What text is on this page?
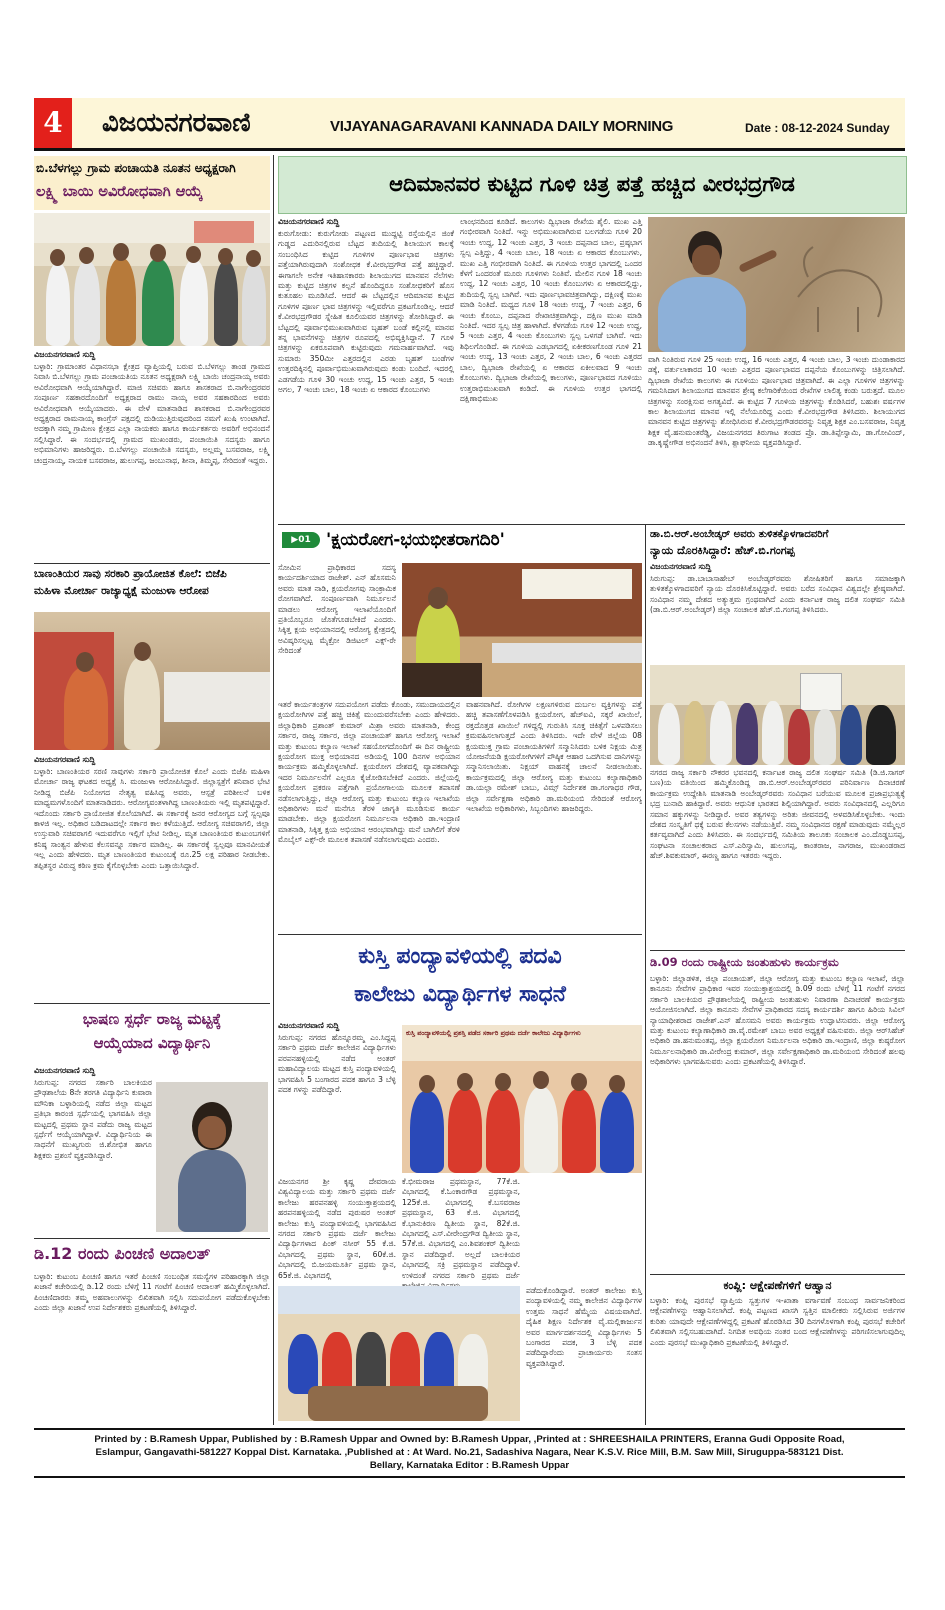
4	ವಿಜಯನಗರವಾಣಿ	VIJAYANAGARAVANI KANNADA DAILY MORNING	Date : 08-12-2024 Sunday
ಬಿ.ಬೆಳಗಲ್ಲು ಗ್ರಾಮ ಪಂಚಾಯತಿ ನೂತನ ಅಧ್ಯಕ್ಷರಾಗಿ
ಲಕ್ಷ್ಮಿ ಬಾಯಿ ಅವಿರೋಧವಾಗಿ ಆಯ್ಕೆ
ವಿಜಯನಗರವಾಣಿ ಸುದ್ದಿ

ಬಳ್ಳಾರಿ: ಗ್ರಾಮಾಂತರ ವಿಧಾನಸಭಾ ಕ್ಷೇತ್ರದ ವ್ಯಾಪ್ತಿಯಲ್ಲಿ ಬರುವ ಬಿ.ಬೆಳಗಲ್ಲು ತಾಂಡ ಗ್ರಾಮದ ನಿವಾಸಿ ಬಿ.ಬೆಳಗಲ್ಲು ಗ್ರಾಮ ಪಂಚಾಯತಿಯ ನೂತನ ಅಧ್ಯಕ್ಷರಾಗಿ ಲಕ್ಷ್ಮಿ ಬಾಯಿ ಚಂದ್ರನಾಯ್ಕ ಅವರು ಅವಿರೋಧವಾಗಿ ಆಯ್ಕೆಯಾಗಿದ್ದಾರೆ. ಮಾಜಿ ಸಚಿವರು ಹಾಗೂ ಶಾಸಕರಾದ ಬಿ.ನಾಗೇಂದ್ರರವರ ಸಂಪೂರ್ಣ ಸಹಕಾರದೊಂದಿಗೆ ಅಧ್ಯಕ್ಷರಾದ ರಾಮು ನಾಯ್ಕ ಅವರ ಸಹಕಾರದಿಂದ ಅವರು ಅವಿರೋಧವಾಗಿ ಆಯ್ಕೆಯಾದರು. ಈ ವೇಳೆ ಮಾತನಾಡಿದ ಶಾಸಕರಾದ ಬಿ.ನಾಗೇಂದ್ರರವರ ಅಧ್ಯಕ್ಷರಾದ ರಾಮನಾಯ್ಕ ಕಾಂಗ್ರೆಸ್ ಪಕ್ಷದಲ್ಲಿ ದುಡಿಯುತ್ತಿರುವುದರಿಂದ ನಮಗೆ ಖುಷಿ ಉಂಟಾಗಿದೆ. ಅದಕ್ಕಾಗಿ ನಮ್ಮ ಗ್ರಾಮೀಣ ಕ್ಷೇತ್ರದ ಎಲ್ಲಾ ನಾಯಕರು ಹಾಗೂ ಕಾರ್ಯಕರ್ತರು ಅವರಿಗೆ ಅಭಿನಂದನೆ ಸಲ್ಲಿಸಿದ್ದಾರೆ. ಈ ಸಂದರ್ಭದಲ್ಲಿ ಗ್ರಾಮದ ಮುಖಂಡರು, ಪಂಚಾಯಿತಿ ಸದಸ್ಯರು ಹಾಗೂ ಅಭಿಮಾನಿಗಳು ಹಾಜರಿದ್ದರು. ಬಿ.ಬೆಳಗಲ್ಲು ಪಂಚಾಯಿತಿ ಸದಸ್ಯರು, ಅಲ್ಲಮ್ಮ ಬಸವರಾಜ, ಲಕ್ಷ್ಮಿ ಚಂದ್ರನಾಯ್ಕ, ನಾಯಕ ಬಸವರಾಜ, ಹುಲುಗಪ್ಪ, ಜಂಬುನಾಥ, ಶೀನಾ, ತಿಮ್ಮಪ್ಪ, ಸೇರಿದಂತೆ ಇದ್ದರು.

ಬಾಣಂತಿಯರ ಸಾವು ಸರಕಾರಿ ಪ್ರಾಯೋಜಿತ ಕೊಲೆ: ಬಿಜೆಪಿ
ಮಹಿಳಾ ಮೋರ್ಚಾ ರಾಜ್ಯಾಧ್ಯಕ್ಷೆ ಮಂಜುಳಾ ಆರೋಪ
ವಿಜಯನಗರವಾಣಿ ಸುದ್ದಿ

ಬಳ್ಳಾರಿ: ಬಾಣಂತಿಯರ ಸರಣಿ ಸಾವುಗಳು ಸರ್ಕಾರಿ ಪ್ರಾಯೋಜಿತ ಕೊಲೆ ಎಂದು ಬಿಜೆಪಿ ಮಹಿಳಾ ಮೋರ್ಚಾ ರಾಜ್ಯ ಘಟಕದ ಅಧ್ಯಕ್ಷೆ ಸಿ. ಮಂಜುಳಾ ಆರೋಪಿಸಿದ್ದಾರೆ. ಜಿಲ್ಲಾಸ್ಪತ್ರೆಗೆ ಶನಿವಾರ ಭೇಟಿ ನೀಡಿದ್ದ ಬಿಜೆಪಿ ನಿಯೋಗದ ನೇತೃತ್ವ ವಹಿಸಿದ್ದ ಅವರು, ಆಸ್ಪತ್ರೆ ಪರಿಶೀಲನೆ ಬಳಿಕ ಮಾಧ್ಯಮಗಳೊಂದಿಗೆ ಮಾತನಾಡಿದರು. ಆರೋಗ್ಯವಂತಳಾಗಿದ್ದ ಬಾಣಂತಿಯರು ಇಲ್ಲಿ ಮೃತಪಟ್ಟಿದ್ದಾರೆ. ಇದೊಂದು ಸರ್ಕಾರಿ ಪ್ರಾಯೋಜಿತ ಕೊಲೆಯಾಗಿದೆ. ಈ ಸರ್ಕಾರಕ್ಕೆ ಜನರ ಆರೋಗ್ಯದ ಬಗ್ಗೆ ಸ್ವಲ್ಪವೂ ಕಾಳಜಿ ಇಲ್ಲ. ಅಧಿಕಾರ ಬಡಿದಾಟದಲ್ಲೇ ಸರ್ಕಾರ ಕಾಲ ಕಳೆಯುತ್ತಿದೆ. ಆರೋಗ್ಯ ಸಚಿವರಾಗಲಿ, ಜಿಲ್ಲಾ ಉಸ್ತುವಾರಿ ಸಚಿವರಾಗಲಿ ಇದುವರೆಗೂ ಇಲ್ಲಿಗೆ ಭೇಟಿ ನೀಡಿಲ್ಲ. ಮೃತ ಬಾಣಂತಿಯರ ಕುಟುಂಬಗಳಿಗೆ ಕನಿಷ್ಠ ಸಾಂತ್ವನ ಹೇಳುವ ಕೆಲಸವನ್ನೂ ಸರ್ಕಾರ ಮಾಡಿಲ್ಲ. ಈ ಸರ್ಕಾರಕ್ಕೆ ಸ್ವಲ್ಪವೂ ಮಾನವೀಯತೆ ಇಲ್ಲ ಎಂದು ಹೇಳಿದರು. ಮೃತ ಬಾಣಂತಿಯರ ಕುಟುಂಬಕ್ಕೆ ರೂ.25 ಲಕ್ಷ ಪರಿಹಾರ ನೀಡಬೇಕು. ತಪ್ಪಿತಸ್ಥರ ವಿರುದ್ಧ ಕಠಿಣ ಕ್ರಮ ಕೈಗೊಳ್ಳಬೇಕು ಎಂದು ಒತ್ತಾಯಿಸಿದ್ದಾರೆ.

ಭಾಷಣ ಸ್ಪರ್ಧೆ ರಾಜ್ಯ ಮಟ್ಟಕ್ಕೆ
ಆಯ್ಕೆಯಾದ ವಿದ್ಯಾರ್ಥಿನಿ
ವಿಜಯನಗರವಾಣಿ ಸುದ್ದಿ

ಸಿರುಗುಪ್ಪ: ನಗರದ ಸರ್ಕಾರಿ ಬಾಲಕಿಯರ ಪ್ರೌಢಶಾಲೆಯ 8ನೇ ತರಗತಿ ವಿದ್ಯಾರ್ಥಿನಿ ಕುವಾರಾ ಮೌನಿಕಾ ಬಳ್ಳಾರಿಯಲ್ಲಿ ನಡೆದ ಜಿಲ್ಲಾ ಮಟ್ಟದ ಪ್ರತಿಭಾ ಕಾರಂಜಿ ಸ್ಪರ್ಧೆಯಲ್ಲಿ ಭಾಗವಹಿಸಿ ಜಿಲ್ಲಾ ಮಟ್ಟದಲ್ಲಿ ಪ್ರಥಮ ಸ್ಥಾನ ಪಡೆದು ರಾಜ್ಯ ಮಟ್ಟದ ಸ್ಪರ್ಧೆಗೆ ಆಯ್ಕೆಯಾಗಿದ್ದಾಳೆ. ವಿದ್ಯಾರ್ಥಿನಿಯ ಈ ಸಾಧನೆಗೆ ಮುಖ್ಯಗುರು ಜಿ.ಶೋಭಿತ ಹಾಗೂ ಶಿಕ್ಷಕರು ಪ್ರಶಂಸೆ ವ್ಯಕ್ತಪಡಿಸಿದ್ದಾರೆ.

ಡಿ.12 ರಂದು ಪಿಂಚಣಿ ಅದಾಲತ್

ಬಳ್ಳಾರಿ: ಕುಟುಂಬ ಪಿಂಚಣಿ ಹಾಗೂ ಇತರೆ ಪಿಂಚಣಿ ಸಂಬಂಧಿತ ಸಮಸ್ಯೆಗಳ ಪರಿಹಾರಕ್ಕಾಗಿ ಜಿಲ್ಲಾ ಖಜಾನೆ ಕಚೇರಿಯಲ್ಲಿ ಡಿ.12 ರಂದು ಬೆಳಿಗ್ಗೆ 11 ಗಂಟೆಗೆ ಪಿಂಚಣಿ ಅದಾಲತ್ ಹಮ್ಮಿಕೊಳ್ಳಲಾಗಿದೆ. ಪಿಂಚಣಿದಾರರು ತಮ್ಮ ಅಹವಾಲುಗಳನ್ನು ಲಿಖಿತವಾಗಿ ಸಲ್ಲಿಸಿ ಸದುಪಯೋಗ ಪಡೆದುಕೊಳ್ಳಬೇಕು ಎಂದು ಜಿಲ್ಲಾ ಖಜಾನೆ ಉಪ ನಿರ್ದೇಶಕರು ಪ್ರಕಟಣೆಯಲ್ಲಿ ತಿಳಿಸಿದ್ದಾರೆ.

ಆದಿಮಾನವರ ಕುಟ್ಟಿದ ಗೂಳಿ ಚಿತ್ರ ಪತ್ತೆ ಹಚ್ಚಿದ ವೀರಭದ್ರಗೌಡ
ವಿಜಯನಗರವಾಣಿ ಸುದ್ದಿ

ಕುರುಗೋಡು: ಕುರುಗೋಡು ಪಟ್ಟಣದ ಮುದ್ದಟ್ಟಿ ರಸ್ತೆಯಲ್ಲಿನ ಜಿಂಕೆ ಗುಡ್ಡದ ಎದುರಿನಲ್ಲಿರುವ ಬೆಟ್ಟದ ತುದಿಯಲ್ಲಿ ಶಿಲಾಯುಗ ಕಾಲಕ್ಕೆ ಸಂಬಂಧಿಸಿದ ಕುಟ್ಟಿದ ಗೂಳಿಗಳ ಪೂರ್ಣಭಾವ ಚಿತ್ರಗಳು ಪತ್ತೆಯಾಗಿರುವುದಾಗಿ ಸಂಶೋಧಕ ಕೆ.ವೀರಭದ್ರಗೌಡ ಪತ್ತೆ ಹಚ್ಚಿದ್ದಾರೆ. ಈಗಾಗಲೇ ಅನೇಕ ಇತಿಹಾಸಕಾರರು ಶಿಲಾಯುಗದ ಮಾನವನ ನೆಲೆಗಳು ಮತ್ತು ಕುಟ್ಟಿದ ಚಿತ್ರಗಳ ಕಲ್ಪನೆ ಹೊಂದಿದ್ದರೂ ಸಂಶೋಧಕರಿಗೆ ಹೊಸ ಕುತೂಹಲ ಮೂಡಿಸಿದೆ. ಆದರೆ ಈ ಬೆಟ್ಟದಲ್ಲಿನ ಆದಿಮಾನವ ಕುಟ್ಟಿದ ಗೂಳಿಗಳ ಪೂರ್ಣ ಭಾವ ಚಿತ್ರಗಳನ್ನು ಇಲ್ಲಿವರೆಗೂ ಪ್ರಕಟಗೊಂಡಿಲ್ಲ. ಆದರೆ ಕೆ.ವೀರಭದ್ರಗೌಡರ ಸ್ನೇಹಿತ ಕೂಲಿಯವರ ಚಿತ್ರಗಳನ್ನು ತೋರಿಸಿದ್ದಾರೆ. ಈ ಬೆಟ್ಟದಲ್ಲಿ ಪೂರ್ವಾಭಿಮುಖವಾಗಿರುವ ಬೃಹತ್ ಬಂಡೆ ಕಲ್ಲಿನಲ್ಲಿ ಮಾನವ ತನ್ನ ಭಾವನೆಗಳನ್ನು ಚಿತ್ರಗಳ ರೂಪದಲ್ಲಿ ಅಭಿವ್ಯಕ್ತಿಸಿದ್ದಾನೆ. 7 ಗೂಳಿ ಚಿತ್ರಗಳನ್ನು ಏಕರೂಪವಾಗಿ ಕುಟ್ಟಿರುವುದು ಗಮನಾರ್ಹವಾಗಿದೆ. ಇವು ಸುಮಾರು 350ಮೀ ಎತ್ತರದಲ್ಲಿನ ಎರಡು ಬೃಹತ್ ಬಂಡೆಗಳ ಉತ್ತರದಿಕ್ಕಿನಲ್ಲಿ ಪೂರ್ವಾಭಿಮುಖವಾಗಿರುವುದು ಕಂಡು ಬಂದಿದೆ. ಇದರಲ್ಲಿ ಎಡಗಡೆಯ ಗೂಳಿ 30 ಇಂಚು ಉದ್ದ, 15 ಇಂಚು ಎತ್ತರ, 5 ಇಂಚು ಅಗಲ, 7 ಇಂಚು ಬಾಲ, 18 ಇಂಚು ಏ ಆಕಾರದ ಕೊಂಬುಗಳು

ಲಾಂಛನದಿಂದ ಕೂಡಿದೆ. ಕಾಲುಗಳು ದ್ವಿಭಾಜಾ ರೇಖೆಯ ಶೈಲಿ. ಮುಖ ಎತ್ತಿ ಗಂಭೀರವಾಗಿ ನಿಂತಿದೆ. ಇನ್ನು ಅಭಿಮುಖವಾಗಿರುವ ಬಲಗಡೆಯ ಗೂಳಿ 20 ಇಂಚು ಉದ್ದ, 12 ಇಂಚು ಎತ್ತರ, 3 ಇಂಚು ದಪ್ಪನಾದ ಬಾಲ, ಪ್ರಷ್ಠಭಾಗ ಸ್ವಲ್ಪ ಎತ್ತಿದ್ದು, 4 ಇಂಚು ಬಾಲ, 18 ಇಂಚು ಏ ಆಕಾರದ ಕೊಂಬುಗಳು, ಮುಖ ಎತ್ತಿ ಗಂಭೀರವಾಗಿ ನಿಂತಿದೆ. ಈ ಗೂಳಿಯ ಉತ್ತರ ಭಾಗದಲ್ಲಿ ಒಂದರ ಕೆಳಗೆ ಒಂದರಂತೆ ಮೂರು ಗೂಳಿಗಳು ನಿಂತಿವೆ. ಮೇಲಿನ ಗೂಳಿ 18 ಇಂಚು ಉದ್ದ, 12 ಇಂಚು ಎತ್ತರ, 10 ಇಂಚು ಕೊಂಬುಗಳು ಏ ಆಕಾರದಲ್ಲಿದ್ದು, ತುದಿಯಲ್ಲಿ ಸ್ವಲ್ಪ ಬಾಗಿವೆ. ಇದು ಪೂರ್ಣಭಾವಚಿತ್ರವಾಗಿದ್ದು, ದಕ್ಷಿಣಕ್ಕೆ ಮುಖ ಮಾಡಿ ನಿಂತಿದೆ. ಮಧ್ಯದ ಗೂಳಿ 18 ಇಂಚು ಉದ್ದ, 7 ಇಂಚು ಎತ್ತರ, 6 ಇಂಚು ಕೊಂಬು, ದಪ್ಪನಾದ ರೇಖಾಚಿತ್ರವಾಗಿದ್ದು, ದಕ್ಷಿಣ ಮುಖ ಮಾಡಿ ನಿಂತಿದೆ. ಇದರ ಸ್ವಲ್ಪ ಚಿತ್ರ ಹಾಳಾಗಿದೆ. ಕೆಳಗಡೆಯ ಗೂಳಿ 12 ಇಂಚು ಉದ್ದ, 5 ಇಂಚು ಎತ್ತರ, 4 ಇಂಚು ಕೊಂಬುಗಳು ಸ್ವಲ್ಪ ಒಳಗಡೆ ಬಾಗಿವೆ. ಇದು ಶಿಥಿಲಗೊಂಡಿದೆ. ಈ ಗೂಳಿಯ ಎಡಭಾಗದಲ್ಲಿ ಏಕೀಕರಣಗೊಂಡ ಗೂಳಿ 21 ಇಂಚು ಉದ್ದ, 13 ಇಂಚು ಎತ್ತರ, 2 ಇಂಚು ಬಾಲ, 6 ಇಂಚು ಎತ್ತರದ ಬಾಲ, ದ್ವಿಭಾಜಾ ರೇಖೆಯಲ್ಲಿ ಏ ಆಕಾರದ ಏಕೀಲವಾದ 9 ಇಂಚು ಕೊಂಬುಗಳು. ದ್ವಿಭಾಜಾ ರೇಖೆಯಲ್ಲಿ ಕಾಲುಗಳು, ಪೂರ್ಣಭಾವದ ಗೂಳಿಯು ಉತ್ತರಾಭಿಮುಖವಾಗಿ ಕಂಡಿದೆ. ಈ ಗೂಳಿಯ ಉತ್ತರ ಭಾಗದಲ್ಲಿ ದಕ್ಷಿಣಾಭಿಮುಖ

ವಾಗಿ ನಿಂತಿರುವ ಗೂಳಿ 25 ಇಂಚು ಉದ್ದ, 16 ಇಂಚು ಎತ್ತರ, 4 ಇಂಚು ಬಾಲ, 3 ಇಂಚು ದುಂಡಾಕಾರದ ಡಕ್ಕೆ, ವರ್ತುಲಾಕಾರದ 10 ಇಂಚು ಎತ್ತರದ ಪೂರ್ಣಭಾವದ ದಪ್ಪನೆಯ ಕೊಂಬುಗಳನ್ನು ಚಿತ್ರಿಸಲಾಗಿದೆ. ದ್ವಿಭಾಜಾ ರೇಖೆಯ ಕಾಲುಗಳು ಈ ಗೂಳಿಯು ಪೂರ್ಣಭಾವ ಚಿತ್ರವಾಗಿದೆ. ಈ ಎಲ್ಲಾ ಗೂಳಿಗಳ ಚಿತ್ರಗಳನ್ನು ಗಮನಿಸಿದಾಗ ಶಿಲಾಯುಗದ ಮಾನವನ ಶ್ರೇಷ್ಠ ಕಲೆಗಾರಿಕೆಯಿಂದ ರೇಖೆಗಳ ಲಾಲಿತ್ಯ ಕಂಡು ಬರುತ್ತದೆ. ಮೂಲ ಚಿತ್ರಗಳನ್ನು ಸಂರಕ್ಷಿಸುವ ಅಗತ್ಯವಿದೆ. ಈ ಕುಟ್ಟಿದ 7 ಗೂಳಿಯ ಚಿತ್ರಗಳನ್ನು ಕೊಡಿಸಿದರೆ, ಬಹುಶಃ ವರ್ಷಗಳ ಕಾಲ ಶಿಲಾಯುಗದ ಮಾನವ ಇಲ್ಲಿ ನೆಲೆಯೂರಿದ್ದ ಎಂದು ಕೆ.ವೀರಭದ್ರಗೌಡ ತಿಳಿಸಿದರು. ಶಿಲಾಯುಗದ ಮಾನವನ ಕುಟ್ಟಿದ ಚಿತ್ರಗಳನ್ನು ಶೋಧಿಸಿರುವ ಕೆ.ವೀರಭದ್ರಗೌಡರವರನ್ನು ನಿವೃತ್ತ ಶಿಕ್ಷಕ ಎಂ.ಬಸವರಾಜ, ನಿವೃತ್ತ ಶಿಕ್ಷಕ ವೈ.ಹನುಮಂತರೆಡ್ಡಿ, ವಿಜಯನಗರದ ತಿರುಗಾಟ ತಂಡದ ಪ್ರೊ. ಡಾ.ತಿಪ್ಪೇಸ್ವಾಮಿ, ಡಾ.ಗೋವಿಂದ್, ಡಾ.ಕೃಷ್ಣೇಗೌಡ ಅಭಿನಂದನೆ ತಿಳಿಸಿ, ಶ್ಲಾಘನೀಯ ವ್ಯಕ್ತಪಡಿಸಿದ್ದಾರೆ.

▶01 'ಕ್ಷಯರೋಗ-ಭಯಭೀತರಾಗದಿರಿ'

ಸೋಮಿನ ಪ್ರಾಧಿಕಾರದ ಸದಸ್ಯ ಕಾರ್ಯದರ್ಶಿಯಾದ ರಾಜೇಶ್. ಎನ್ ಹೊಸಮನಿ ಅವರು ಮಾತ ನಾಡಿ, ಕ್ಷಯರೋಗವು ಸಾಂಕ್ರಾಮಿಕ ರೋಗವಾಗಿದೆ. ಸಂಪೂರ್ಣವಾಗಿ ನಿರ್ಮೂಲನೆ ಮಾಡಲು ಆರೋಗ್ಯ ಇಲಾಖೆಯೊಂದಿಗೆ ಪ್ರತಿಯೊಬ್ಬರೂ ಜೊತೆಗೂಡಬೇಕಿದೆ ಎಂದರು. ಸಿಕ್ಕಿತ್ತ ಕ್ಷಯ ಅಭಿಯಾನದಲ್ಲಿ ಆರೋಗ್ಯ ಕ್ಷೇತ್ರದಲ್ಲಿ ಅವಿಷ್ಕರಿಸಲ್ಪಟ್ಟ ಮೈಕ್ರೋ ಡಿಜಿಟಲ್ ಎಕ್ಸ್-ರೇ ಸೇರಿದಂತೆ

ಇತರೆ ಕಾರ್ಯತಂತ್ರಗಳ ಸದುಪಯೋಗ ಪಡೆದು ಕೊಂಡು, ಸಮುದಾಯದಲ್ಲಿನ ಕ್ಷಯರೋಗಿಗಳ ಪತ್ತೆ ಹಚ್ಚಿ ಚಿಕಿತ್ಸೆ ಮುಂದುವರೆಸಬೇಕು ಎಂದು ಹೇಳಿದರು. ಜಿಲ್ಲಾಧಿಕಾರಿ ಪ್ರಶಾಂತ್ ಕುಮಾರ್ ಮಿಶ್ರಾ ಅವರು ಮಾತನಾಡಿ, ಕೇಂದ್ರ ಸರ್ಕಾರ, ರಾಜ್ಯ ಸರ್ಕಾರ, ಜಿಲ್ಲಾ ಪಂಚಾಯತ್ ಹಾಗೂ ಆರೋಗ್ಯ ಇಲಾಖೆ ಮತ್ತು ಕುಟುಂಬ ಕಲ್ಯಾಣ ಇಲಾಖೆ ಸಹಯೋಗದೊಂದಿಗೆ ಈ ದಿನ ರಾಷ್ಟ್ರೀಯ ಕ್ಷಯರೋಗ ಮುಕ್ತ ಅಭಿಯಾನದ ಅಡಿಯಲ್ಲಿ 100 ದಿನಗಳ ಅಭಿಯಾನ ಕಾರ್ಯಕ್ರಮ ಹಮ್ಮಿಕೊಳ್ಳಲಾಗಿದೆ. ಕ್ಷಯರೋಗ ದೇಶದಲ್ಲಿ ವ್ಯಾಪಕವಾಗಿದ್ದು ಇದರ ನಿರ್ಮೂಲನೆಗೆ ಎಲ್ಲರೂ ಕೈಜೋಡಿಸಬೇಕಿದೆ ಎಂದರು. ಜಿಲ್ಲೆಯಲ್ಲಿ ಕ್ಷಯರೋಗ ಪ್ರಕರಣ ಪತ್ತೆಗಾಗಿ ಪ್ರಯೋಗಾಲಯ ಮೂಲಕ ತಪಾಸಣೆ ನಡೆಸಲಾಗುತ್ತಿದ್ದು, ಜಿಲ್ಲಾ ಆರೋಗ್ಯ ಮತ್ತು ಕುಟುಂಬ ಕಲ್ಯಾಣ ಇಲಾಖೆಯ ಅಧಿಕಾರಿಗಳು ಮನೆ ಮನೆಗೂ ತೆರಳಿ ಜಾಗೃತಿ ಮೂಡಿಸುವ ಕಾರ್ಯ ಮಾಡಬೇಕು. ಜಿಲ್ಲಾ ಕ್ಷಯರೋಗ ನಿರ್ಮೂಲನಾ ಅಧಿಕಾರಿ ಡಾ.ಇಂದ್ರಾಣಿ ಮಾತನಾಡಿ, ಸಿಕ್ಕಿತ್ತ ಕ್ಷಯ ಅಭಿಯಾನ ಆರಂಭವಾಗಿದ್ದು ಮನೆ ಬಾಗಿಲಿಗೆ ತೆರಳಿ ಮೊಬೈಲ್ ಎಕ್ಸ್-ರೇ ಮೂಲಕ ತಪಾಸಣೆ ನಡೆಸಲಾಗುವುದು ಎಂದರು.

ವಾಹನವಾಗಿದೆ. ರೋಗಿಗಳ ಲಕ್ಷಣಗಳಿರುವ ದುರ್ಬಲ ವ್ಯಕ್ತಿಗಳನ್ನು ಪತ್ತೆ ಹಚ್ಚಿ ತಪಾಸಣೆಗೊಳಪಡಿಸಿ ಕ್ಷಯರೋಗ, ಹೆಚ್ಐವಿ, ಸಕ್ಕರೆ ಖಾಯಿಲೆ, ರಕ್ತದೊತ್ತಡ ಖಾಯಿಲೆ ಗಳಿದ್ದಲ್ಲಿ ಗುರುತಿಸಿ ಸೂಕ್ತ ಚಿಕಿತ್ಸೆಗೆ ಒಳಪಡಿಸಲು ಕ್ರಮವಹಿಸಲಾಗುತ್ತದೆ ಎಂದು ತಿಳಿಸಿದರು. ಇದೇ ವೇಳೆ ಜಿಲ್ಲೆಯ 08 ಕ್ಷಯಮುಕ್ತ ಗ್ರಾಮ ಪಂಚಾಯತಿಗಳಿಗೆ ಸನ್ಮಾನಿಸಿದರು ಬಳಿಕ ನಿಕ್ಷಯ ಮಿತ್ರ ಯೋಜನೆಯಡಿ ಕ್ಷಯರೋಗಿಗಳಿಗೆ ಪೌಷ್ಠಿಕ ಆಹಾರ ಒದಗಿಸುವ ದಾನಿಗಳನ್ನು ಸನ್ಮಾನಿಸಲಾಯಿತು. ನಿಕ್ಷಯ್ ವಾಹನಕ್ಕೆ ಚಾಲನೆ ನೀಡಲಾಯಿತು. ಕಾರ್ಯಕ್ರಮದಲ್ಲಿ ಜಿಲ್ಲಾ ಆರೋಗ್ಯ ಮತ್ತು ಕುಟುಂಬ ಕಲ್ಯಾಣಾಧಿಕಾರಿ ಡಾ.ಯಲ್ಲಾ ರಮೇಶ್ ಬಾಬು, ವಿಮ್ಸ್ ನಿರ್ದೇಶಕ ಡಾ.ಗಂಗಾಧರ ಗೌಡ, ಜಿಲ್ಲಾ ಸರ್ವೇಕ್ಷಣಾ ಅಧಿಕಾರಿ ಡಾ.ಮರಿಯಂಬಿ ಸೇರಿದಂತೆ ಆರೋಗ್ಯ ಇಲಾಖೆಯ ಅಧಿಕಾರಿಗಳು, ಸಿಬ್ಬಂದಿಗಳು ಹಾಜರಿದ್ದರು.

ಕುಸ್ತಿ ಪಂದ್ಯಾವಳಿಯಲ್ಲಿ ಪದವಿ
ಕಾಲೇಜು ವಿದ್ಯಾರ್ಥಿಗಳ ಸಾಧನೆ
ವಿಜಯನಗರವಾಣಿ ಸುದ್ದಿ

ಸಿರುಗುಪ್ಪ: ನಗರದ ಹೊನ್ನೂರಮ್ಮ ಎಂ.ಸಿದ್ದಪ್ಪ ಸರ್ಕಾರಿ ಪ್ರಥಮ ದರ್ಜೆ ಕಾಲೇಜಿನ ವಿದ್ಯಾರ್ಥಿಗಳು ಪರಪನಹಳ್ಳಿಯಲ್ಲಿ ನಡೆದ ಅಂತರ್ ಮಹಾವಿದ್ಯಾಲಯ ಮಟ್ಟದ ಕುಸ್ತಿ ಪಂದ್ಯಾವಳಿಯಲ್ಲಿ ಭಾಗವಹಿಸಿ 5 ಬಂಗಾರದ ಪದಕ ಹಾಗೂ 3 ಬೆಳ್ಳಿ ಪದಕ ಗಳನ್ನು ಪಡೆದಿದ್ದಾರೆ.

ಕುಸ್ತಿ ಪಂದ್ಯಾವಳಿಯಲ್ಲಿ ಪ್ರಶಸ್ತಿ ಪಡೆದ ಸರ್ಕಾರಿ ಪ್ರಥಮ ದರ್ಜೆ ಕಾಲೇಜು ವಿದ್ಯಾರ್ಥಿಗಳು

ವಿಜಯನಗರ ಶ್ರೀ ಕೃಷ್ಣ ದೇವರಾಯ ವಿಶ್ವವಿದ್ಯಾಲಯ ಮತ್ತು ಸರ್ಕಾರಿ ಪ್ರಥಮ ದರ್ಜೆ ಕಾಲೇಜು ಹರಪನಹಳ್ಳಿ ಸಂಯುಕ್ತಾಶ್ರಯದಲ್ಲಿ ಹರಪನಹಳ್ಳಿಯಲ್ಲಿ ನಡೆದ ಪುರುಷರ ಅಂತರ್ ಕಾಲೇಜು ಕುಸ್ತಿ ಪಂದ್ಯಾವಳಿಯಲ್ಲಿ ಭಾಗವಹಿಸಿದ ನಗರದ ಸರ್ಕಾರಿ ಪ್ರಥಮ ದರ್ಜೆ ಕಾಲೇಜು ವಿದ್ಯಾರ್ಥಿಗಳಾದ ಪಿಂಕ್ ನಸೀರ್ 55 ಕೆ.ಜಿ. ವಿಭಾಗದಲ್ಲಿ ಪ್ರಥಮ ಸ್ಥಾನ, 60ಕೆ.ಜಿ. ವಿಭಾಗದಲ್ಲಿ ಬಿ.ಜಯಮೂರ್ತಿ ಪ್ರಥಮ ಸ್ಥಾನ, 65ಕೆ.ಜಿ. ವಿಭಾಗದಲ್ಲಿ

ಕೆ.ಭೀಮರಾಜ ಪ್ರಥಮಸ್ಥಾನ, 77ಕೆ.ಜಿ. ವಿಭಾಗದಲ್ಲಿ ಕೆ.ಓಂಕಾರಗೌಡ ಪ್ರಥಮಸ್ಥಾನ, 125ಕೆ.ಜಿ. ವಿಭಾಗದಲ್ಲಿ ಕೆ.ಬಸವರಾಜ ಪ್ರಥಮಸ್ಥಾನ, 63 ಕೆ.ಜಿ. ವಿಭಾಗದಲ್ಲಿ ಕೆ.ಭಾನುಕಿರಣ ದ್ವಿತೀಯ ಸ್ಥಾನ, 82ಕೆ.ಜಿ. ವಿಭಾಗದಲ್ಲಿ ಎಸ್.ವೀರೇಂದ್ರಗೌಡ ದ್ವಿತೀಯ ಸ್ಥಾನ, 57ಕೆ.ಜಿ. ವಿಭಾಗದಲ್ಲಿ ಎಂ.ಶಿವಶಂಕರ್ ದ್ವಿತೀಯ ಸ್ಥಾನ ಪಡೆದಿದ್ದಾರೆ. ಅಲ್ಲದೆ ಬಾಲಕಿಯರ ವಿಭಾಗದಲ್ಲಿ ಸಕ್ರಿ ಪ್ರಥಮಸ್ಥಾನ ಪಡೆದಿದ್ದಾಳೆ. ಉಳಿದಂತೆ ನಗರದ ಸರ್ಕಾರಿ ಪ್ರಥಮ ದರ್ಜೆ

ಪಡೆದುಕೊಂಡಿದ್ದಾರೆ. ಅಂತರ್ ಕಾಲೇಜು ಕುಸ್ತಿ ಪಂದ್ಯಾವಳಿಯಲ್ಲಿ ನಮ್ಮ ಕಾಲೇಜಿನ ವಿದ್ಯಾರ್ಥಿಗಳ ಉತ್ತಮ ಸಾಧನೆ ಹೆಮ್ಮೆಯ ವಿಷಯವಾಗಿದೆ. ದೈಹಿಕ ಶಿಕ್ಷಣ ನಿರ್ದೇಶಕ ವೈ.ಮಲ್ಲಿಕಾರ್ಜುನ ಅವರ ಮಾರ್ಗದರ್ಶನದಲ್ಲಿ ವಿದ್ಯಾರ್ಥಿಗಳು 5 ಬಂಗಾರದ ಪದಕ, 3 ಬೆಳ್ಳಿ ಪದಕ ಪಡೆದಿದ್ದಾರೆಂದು ಪ್ರಾಚಾರ್ಯರು ಸಂತಸ ವ್ಯಕ್ತಪಡಿಸಿದ್ದಾರೆ.

ಡಾ.ಬಿ.ಆರ್.ಅಂಬೇಡ್ಕರ್ ಅವರು ತುಳಿತಕ್ಕೊಳಗಾದವರಿಗೆ
ನ್ಯಾಯ ದೊರಕಿಸಿದ್ದಾರೆ: ಹೆಚ್.ಬಿ.ಗಂಗಪ್ಪ
ವಿಜಯನಗರವಾಣಿ ಸುದ್ದಿ

ಸಿರುಗುಪ್ಪ: ಡಾ.ಬಾಬಾಸಾಹೇಬ್ ಅಂಬೇಡ್ಕರ್‌ರವರು ಶೋಷಿತರಿಗೆ ಹಾಗೂ ಸಮಾಜಕ್ಕಾಗಿ ತುಳಿತಕ್ಕೊಳಗಾದವರಿಗೆ ನ್ಯಾಯ ದೊರಕಿಸಿಕೊಟ್ಟಿದ್ದಾರೆ. ಅವರು ಬರೆದ ಸಂವಿಧಾನ ವಿಶ್ವದಲ್ಲೇ ಶ್ರೇಷ್ಠವಾಗಿದೆ. ಸಂವಿಧಾನ ನಮ್ಮ ದೇಶದ ಅತ್ಯುತ್ತಮ ಗ್ರಂಥವಾಗಿದೆ ಎಂದು ಕರ್ನಾಟಕ ರಾಜ್ಯ ದಲಿತ ಸಂಘರ್ಷ ಸಮಿತಿ (ಡಾ.ಬಿ.ಆರ್.ಅಂಬೇಡ್ಕರ್) ಜಿಲ್ಲಾ ಸಂಚಾಲಕ ಹೆಚ್.ಬಿ.ಗಂಗಪ್ಪ ತಿಳಿಸಿದರು.

ನಗರದ ರಾಜ್ಯ ಸರ್ಕಾರಿ ನೌಕರರ ಭವನದಲ್ಲಿ ಕರ್ನಾಟಕ ರಾಜ್ಯ ದಲಿತ ಸಂಘರ್ಷ ಸಮಿತಿ (ಡಿ.ಜಿ.ಸಾಗರ್ ಬಣ)ಯ ವತಿಯಿಂದ ಹಮ್ಮಿಕೊಂಡಿದ್ದ ಡಾ.ಬಿ.ಆರ್.ಅಂಬೇಡ್ಕರ್‌ರವರ ಪರಿನಿರ್ವಾಣ ದಿನಾಚರಣೆ ಕಾರ್ಯಕ್ರಮ ಉದ್ದೇಶಿಸಿ ಮಾತನಾಡಿ ಅಂಬೇಡ್ಕರ್‌ರವರು ಸಂವಿಧಾನ ಬರೆಯುವ ಮೂಲಕ ಪ್ರಜಾಪ್ರಭುತ್ವಕ್ಕೆ ಭದ್ರ ಬುನಾದಿ ಹಾಕಿದ್ದಾರೆ. ಅವರು ಆಧುನಿಕ ಭಾರತದ ಶಿಲ್ಪಿಯಾಗಿದ್ದಾರೆ. ಅವರು ಸಂವಿಧಾನದಲ್ಲಿ ಎಲ್ಲರಿಗೂ ಸಮಾನ ಹಕ್ಕುಗಳನ್ನು ನೀಡಿದ್ದಾರೆ. ಅವರ ತತ್ವಗಳನ್ನು ಅರಿತು ಜೀವನದಲ್ಲಿ ಅಳವಡಿಸಿಕೊಳ್ಳಬೇಕು. ಇಂದು ದೇಶದ ಸಂಸ್ಕೃತಿಗೆ ಧಕ್ಕೆ ಬರುವ ಕೆಲಸಗಳು ನಡೆಯುತ್ತಿವೆ. ನಮ್ಮ ಸಂವಿಧಾನದ ರಕ್ಷಣೆ ಮಾಡುವುದು ನಮ್ಮೆಲ್ಲರ ಕರ್ತವ್ಯವಾಗಿದೆ ಎಂದು ತಿಳಿಸಿದರು. ಈ ಸಂದರ್ಭದಲ್ಲಿ ಸಮಿತಿಯ ತಾಲೂಕು ಸಂಚಾಲಕ ಎಂ.ದೊಡ್ಡಬಸಪ್ಪ, ಸಂಘಟನಾ ಸಂಚಾಲಕರಾದ ಎಸ್.ಎರಿಸ್ವಾಮಿ, ಹುಲುಗಪ್ಪ, ಕಾಂತರಾಜ, ನಾಗರಾಜ, ಮುಖಂಡರಾದ ಹೆಚ್.ಶಿವಕುಮಾರ್, ಈರಣ್ಣ ಹಾಗೂ ಇತರರು ಇದ್ದರು.

ಡಿ.09 ರಂದು ರಾಷ್ಟ್ರೀಯ ಜಂತುಹುಳು ಕಾರ್ಯಕ್ರಮ

ಬಳ್ಳಾರಿ: ಜಿಲ್ಲಾಡಳಿತ, ಜಿಲ್ಲಾ ಪಂಚಾಯತ್, ಜಿಲ್ಲಾ ಆರೋಗ್ಯ ಮತ್ತು ಕುಟುಂಬ ಕಲ್ಯಾಣ ಇಲಾಖೆ, ಜಿಲ್ಲಾ ಕಾನೂನು ಸೇವೆಗಳ ಪ್ರಾಧಿಕಾರ ಇವರ ಸಂಯುಕ್ತಾಶ್ರಯದಲ್ಲಿ ಡಿ.09 ರಂದು ಬೆಳಿಗ್ಗೆ 11 ಗಂಟೆಗೆ ನಗರದ ಸರ್ಕಾರಿ ಬಾಲಕಿಯರ ಪ್ರೌಢಶಾಲೆಯಲ್ಲಿ ರಾಷ್ಟ್ರೀಯ ಜಂತುಹುಳು ನಿವಾರಣಾ ದಿನಾಚರಣೆ ಕಾರ್ಯಕ್ರಮ ಆಯೋಜಿಸಲಾಗಿದೆ. ಜಿಲ್ಲಾ ಕಾನೂನು ಸೇವೆಗಳ ಪ್ರಾಧಿಕಾರದ ಸದಸ್ಯ ಕಾರ್ಯದರ್ಶಿ ಹಾಗೂ ಹಿರಿಯ ಸಿವಿಲ್ ನ್ಯಾಯಾಧೀಶರಾದ ರಾಜೇಶ್.ಎನ್ ಹೊಸಮನಿ ಅವರು ಕಾರ್ಯಕ್ರಮ ಉದ್ಘಾಟಿಸುವರು. ಜಿಲ್ಲಾ ಆರೋಗ್ಯ ಮತ್ತು ಕುಟುಂಬ ಕಲ್ಯಾಣಾಧಿಕಾರಿ ಡಾ.ವೈ.ರಮೇಶ್ ಬಾಬು ಅವರ ಅಧ್ಯಕ್ಷತೆ ವಹಿಸುವರು. ಜಿಲ್ಲಾ ಆರ್‌ಸಿಹೆಚ್ ಅಧಿಕಾರಿ ಡಾ.ಹನುಮಂತಪ್ಪ, ಜಿಲ್ಲಾ ಕ್ಷಯರೋಗ ನಿರ್ಮೂಲನಾ ಅಧಿಕಾರಿ ಡಾ.ಇಂದ್ರಾಣಿ, ಜಿಲ್ಲಾ ಕುಷ್ಠರೋಗ ನಿರ್ಮೂಲನಾಧಿಕಾರಿ ಡಾ.ವೀರೇಂದ್ರ ಕುಮಾರ್, ಜಿಲ್ಲಾ ಸರ್ವೇಕ್ಷಣಾಧಿಕಾರಿ ಡಾ.ಮರಿಯಂಬಿ ಸೇರಿದಂತೆ ಹಲವು ಅಧಿಕಾರಿಗಳು ಭಾಗವಹಿಸುವರು ಎಂದು ಪ್ರಕಟಣೆಯಲ್ಲಿ ತಿಳಿಸಿದ್ದಾರೆ.

ಕಂಪ್ಲಿ: ಆಕ್ಷೇಪಣೆಗಳಿಗೆ ಆಹ್ವಾನ

ಬಳ್ಳಾರಿ: ಕಂಪ್ಲಿ ಪುರಸಭೆ ವ್ಯಾಪ್ತಿಯ ಸ್ವತ್ತುಗಳ ಇ-ಖಾತಾ ವರ್ಗಾವಣೆ ಸಂಬಂಧ ಸಾರ್ವಜನಿಕರಿಂದ ಆಕ್ಷೇಪಣೆಗಳನ್ನು ಆಹ್ವಾನಿಸಲಾಗಿದೆ. ಕಂಪ್ಲಿ ಪಟ್ಟಣದ ಖಾಸಗಿ ಸ್ವತ್ತಿನ ಮಾಲೀಕರು ಸಲ್ಲಿಸಿರುವ ಅರ್ಜಿಗಳ ಕುರಿತು ಯಾವುದೇ ಆಕ್ಷೇಪಣೆಗಳಿದ್ದಲ್ಲಿ ಪ್ರಕಟಣೆ ಹೊರಡಿಸಿದ 30 ದಿನಗಳೊಳಗಾಗಿ ಕಂಪ್ಲಿ ಪುರಸಭೆ ಕಚೇರಿಗೆ ಲಿಖಿತವಾಗಿ ಸಲ್ಲಿಸಬಹುದಾಗಿದೆ. ನಿಗದಿತ ಅವಧಿಯ ನಂತರ ಬಂದ ಆಕ್ಷೇಪಣೆಗಳನ್ನು ಪರಿಗಣಿಸಲಾಗುವುದಿಲ್ಲ ಎಂದು ಪುರಸಭೆ ಮುಖ್ಯಾಧಿಕಾರಿ ಪ್ರಕಟಣೆಯಲ್ಲಿ ತಿಳಿಸಿದ್ದಾರೆ.

Printed by : B.Ramesh Uppar, Published by : B.Ramesh Uppar and Owned by: B.Ramesh Uppar, ,Printed at : SHREESHAILA PRINTERS, Eranna Gudi Opposite Road,
Eslampur, Gangavathi-581227 Koppal Dist. Karnataka. ,Published at : At Ward. No.21, Sadashiva Nagara, Near K.S.V. Rice Mill, B.M. Saw Mill, Siruguppa-583121 Dist.
Bellary, Karnataka Editor : B.Ramesh Uppar
